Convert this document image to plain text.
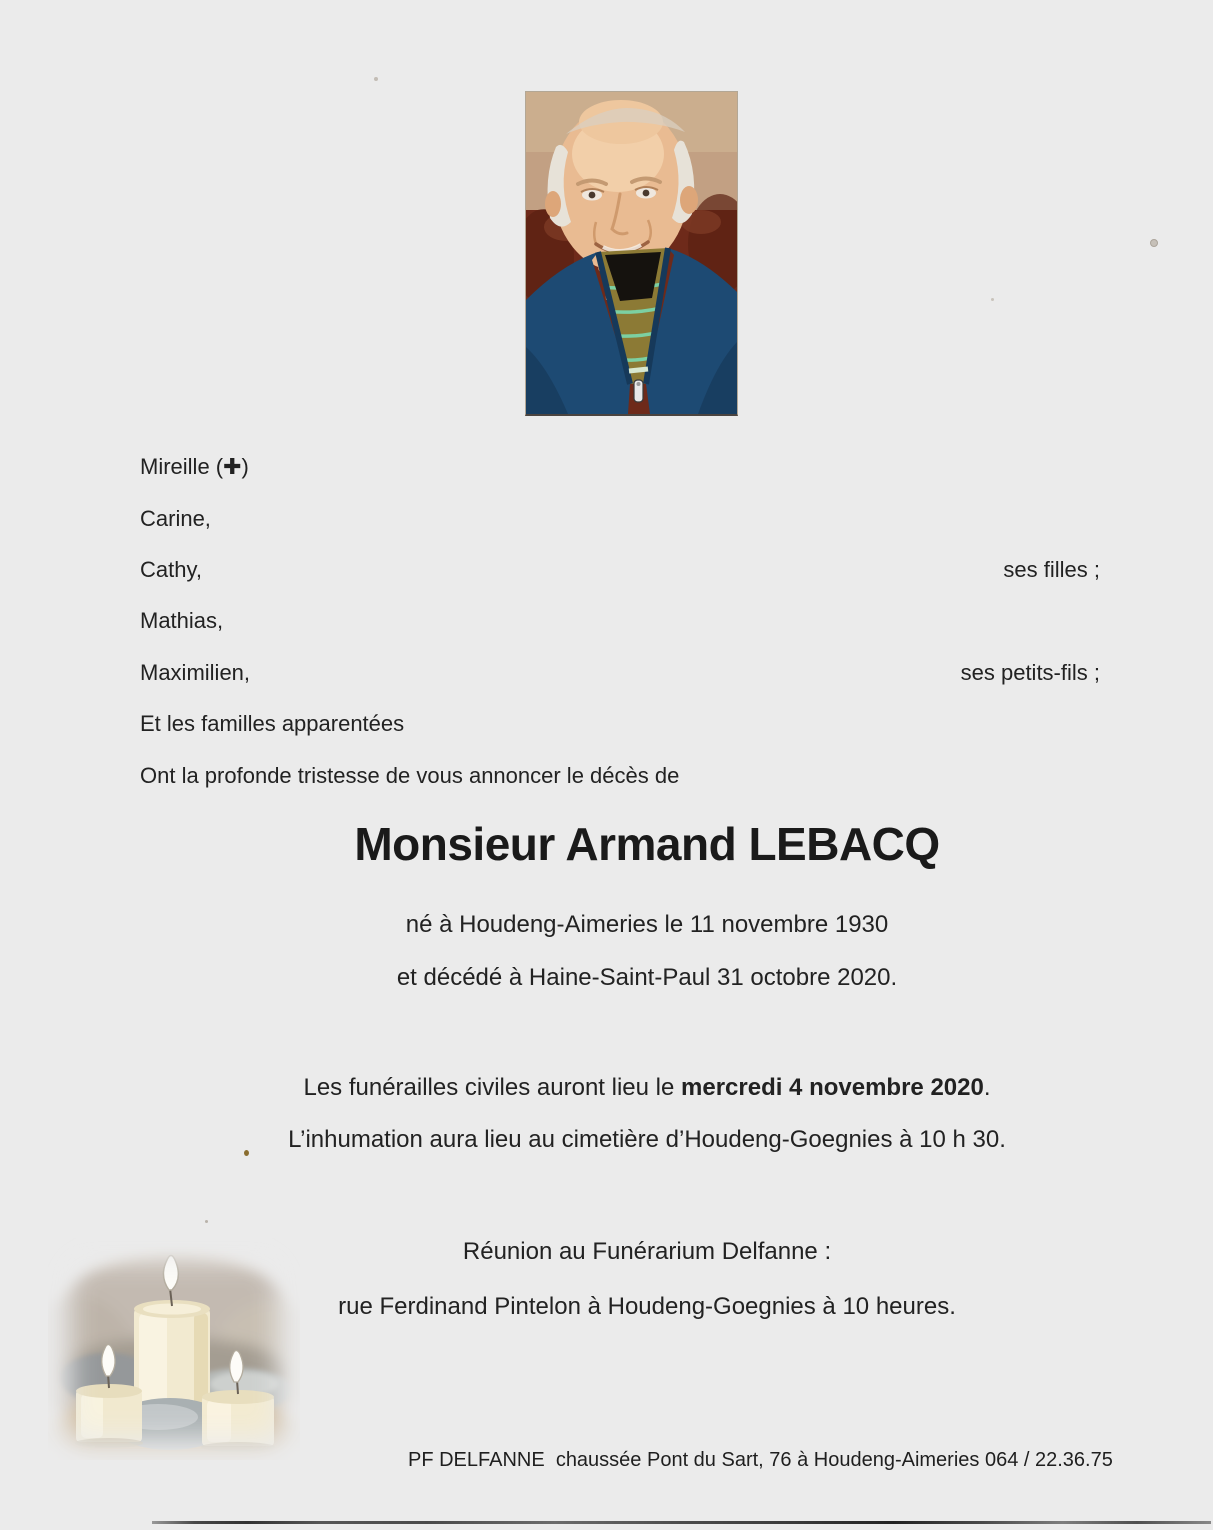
Mireille (✚)
Carine,
Cathy,	ses filles ;
Mathias,
Maximilien,	ses petits-fils ;
Et les familles apparentées
Ont la profonde tristesse de vous annoncer le décès de
Monsieur Armand LEBACQ
né à Houdeng-Aimeries le 11 novembre 1930
et décédé à Haine-Saint-Paul 31 octobre 2020.
Les funérailles civiles auront lieu le mercredi 4 novembre 2020.
L’inhumation aura lieu au cimetière d’Houdeng-Goegnies à 10 h 30.
Réunion au Funérarium Delfanne :
rue Ferdinand Pintelon à Houdeng-Goegnies à 10 heures.
PF DELFANNE  chaussée Pont du Sart, 76 à Houdeng-Aimeries 064 / 22.36.75
